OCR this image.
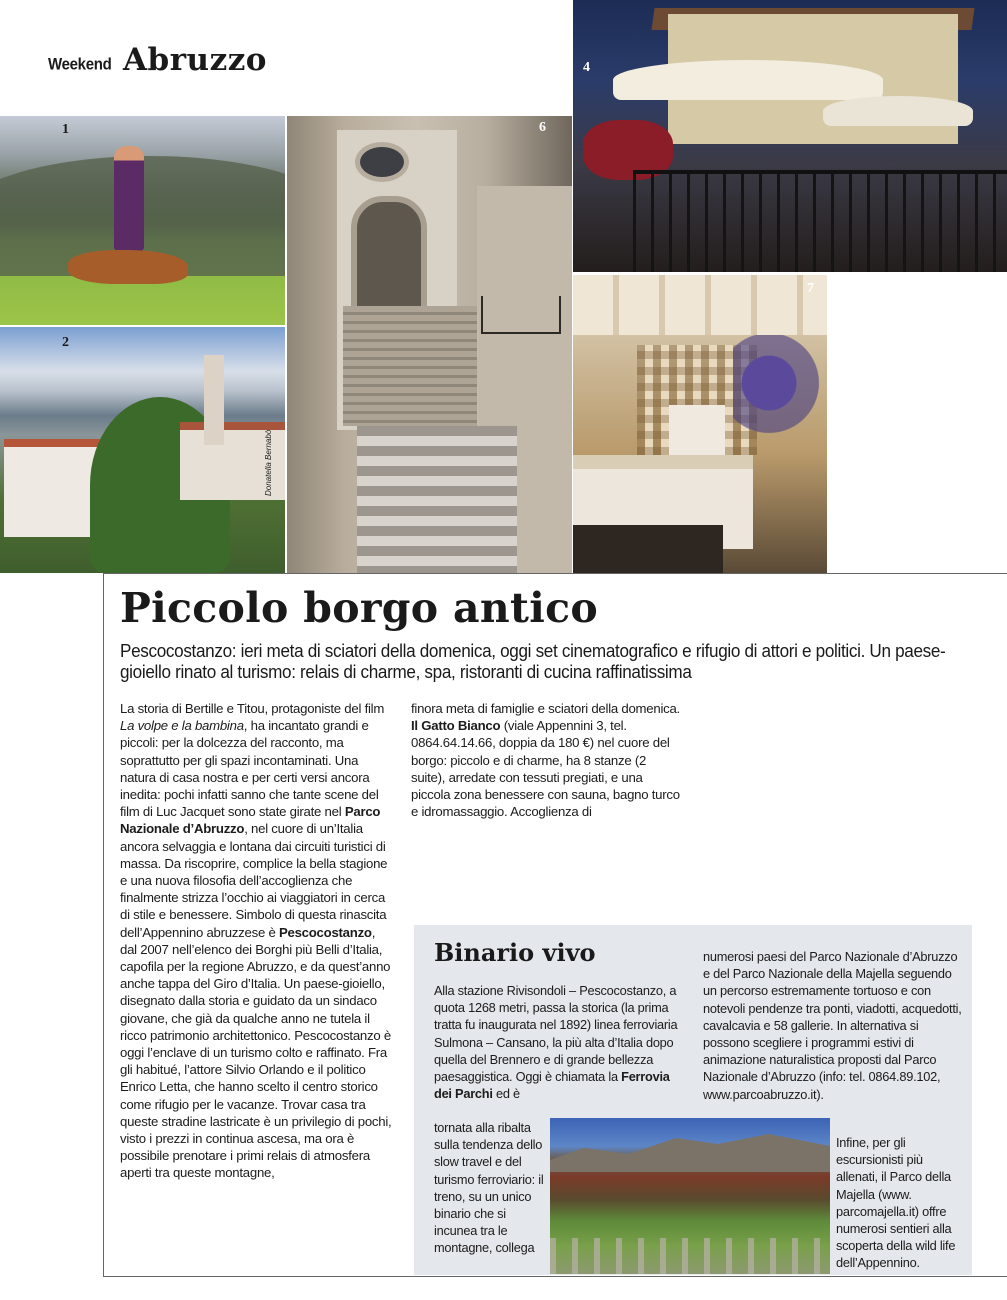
Weekend Abruzzo
1
2
6
Donatella Bernabò
4
7
Piccolo borgo antico
Pescocostanzo: ieri meta di sciatori della domenica, oggi set cinematografico e rifugio di attori e politici. Un paese-gioiello rinato al turismo: relais di charme, spa, ristoranti di cucina raffinatissima

La storia di Bertille e Titou, protagoniste del film La volpe e la bambina, ha incantato grandi e piccoli: per la dolcezza del racconto, ma soprattutto per gli spazi incontaminati. Una natura di casa nostra e per certi versi ancora inedita: pochi infatti sanno che tante scene del film di Luc Jacquet sono state girate nel Parco Nazionale d’Abruzzo, nel cuore di un’Italia ancora selvaggia e lontana dai circuiti turistici di massa. Da riscoprire, complice la bella stagione e una nuova filosofia dell’accoglienza che finalmente strizza l’occhio ai viaggiatori in cerca di stile e benessere. Simbolo di questa rinascita dell’Appennino abruzzese è Pescocostanzo, dal 2007 nell’elenco dei Borghi più Belli d’Italia, capofila per la regione Abruzzo, e da quest’anno anche tappa del Giro d’Italia. Un paese-gioiello, disegnato dalla storia e guidato da un sindaco giovane, che già da qualche anno ne tutela il ricco patrimonio architettonico. Pescocostanzo è oggi l’enclave di un turismo colto e raffinato. Fra gli habitué, l’attore Silvio Orlando e il politico Enrico Letta, che hanno scelto il centro storico come rifugio per le vacanze. Trovar casa tra queste stradine lastricate è un privilegio di pochi, visto i prezzi in continua ascesa, ma ora è possibile prenotare i primi relais di atmosfera aperti tra queste montagne,

finora meta di famiglie e sciatori della domenica.

Il Gatto Bianco (viale Appennini 3, tel. 0864.64.14.66, doppia da 180 €) nel cuore del borgo: piccolo e di charme, ha 8 stanze (2 suite), arredate con tessuti pregiati, e una piccola zona benessere con sauna, bagno turco e idromassaggio. Accoglienza di

Binario vivo

Alla stazione Rivisondoli – Pescocostanzo, a quota 1268 metri, passa la storica (la prima tratta fu inaugurata nel 1892) linea ferroviaria Sulmona – Cansano, la più alta d’Italia dopo quella del Brennero e di grande bellezza paesaggistica. Oggi è chiamata la Ferrovia dei Parchi ed è

tornata alla ribalta sulla tendenza dello slow travel e del turismo ferroviario: il treno, su un unico binario che si incunea tra le montagne, collega
numerosi paesi del Parco Nazionale d’Abruzzo e del Parco Nazionale della Majella seguendo un percorso estremamente tortuoso e con notevoli pendenze tra ponti, viadotti, acquedotti, cavalcavia e 58 gallerie. In alternativa si possono scegliere i programmi estivi di animazione naturalistica proposti dal Parco Nazionale d’Abruzzo (info: tel. 0864.89.102, www.parcoabruzzo.it).
Infine, per gli escursionisti più allenati, il Parco della Majella (www. parcomajella.it) offre numerosi sentieri alla scoperta della wild life dell’Appennino.
